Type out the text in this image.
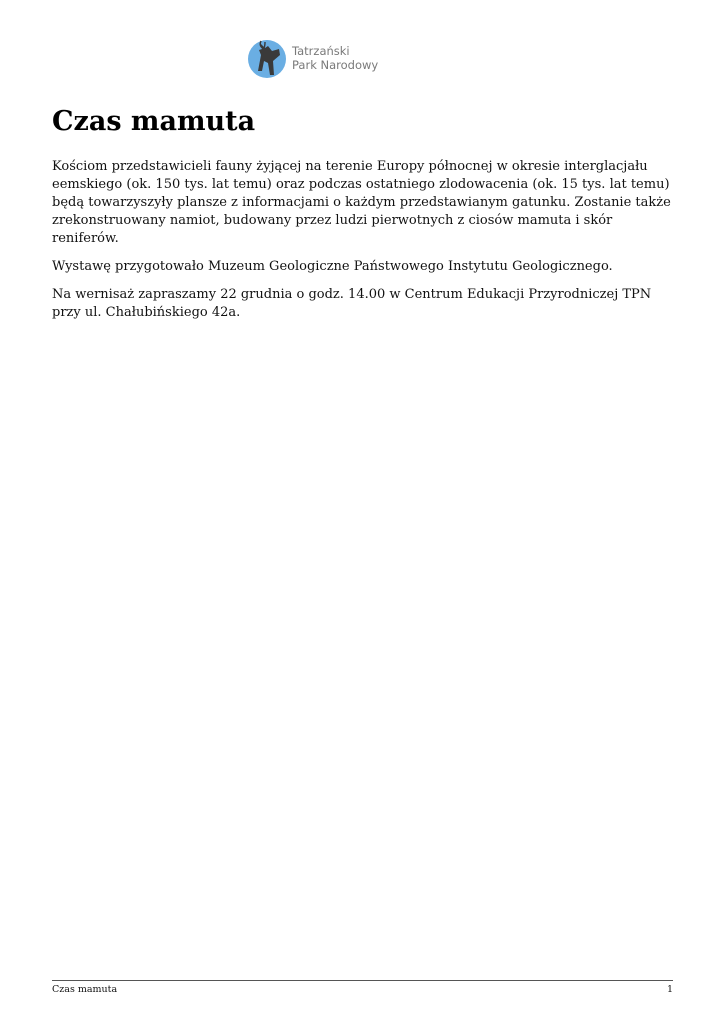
Tatrzański
Park Narodowy
Czas mamuta

Kościom przedstawicieli fauny żyjącej na terenie Europy północnej w okresie interglacjału eemskiego (ok. 150 tys. lat temu) oraz podczas ostatniego zlodowacenia (ok. 15 tys. lat temu) będą towarzyszyły plansze z informacjami o każdym przedstawianym gatunku. Zostanie także zrekonstruowany namiot, budowany przez ludzi pierwotnych z ciosów mamuta i skór reniferów.

Wystawę przygotowało Muzeum Geologiczne Państwowego Instytutu Geologicznego.

Na wernisaż zapraszamy 22 grudnia o godz. 14.00 w Centrum Edukacji Przyrodniczej TPN przy ul. Chałubińskiego 42a.

Czas mamuta	1
